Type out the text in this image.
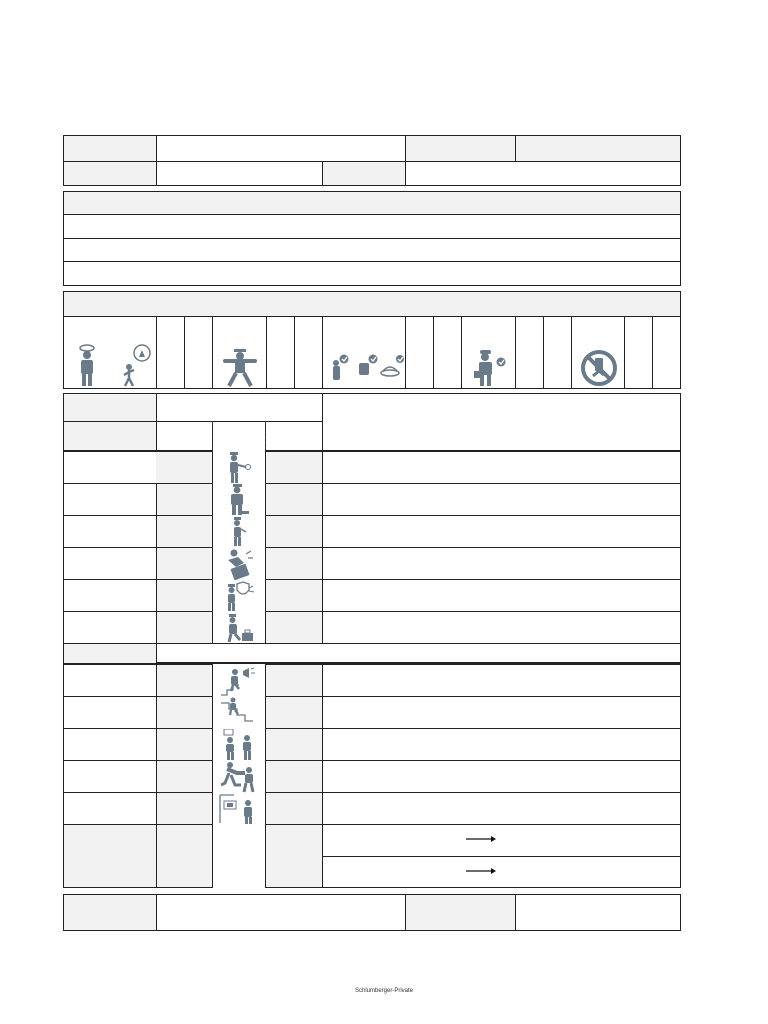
Schlumberger-Private
